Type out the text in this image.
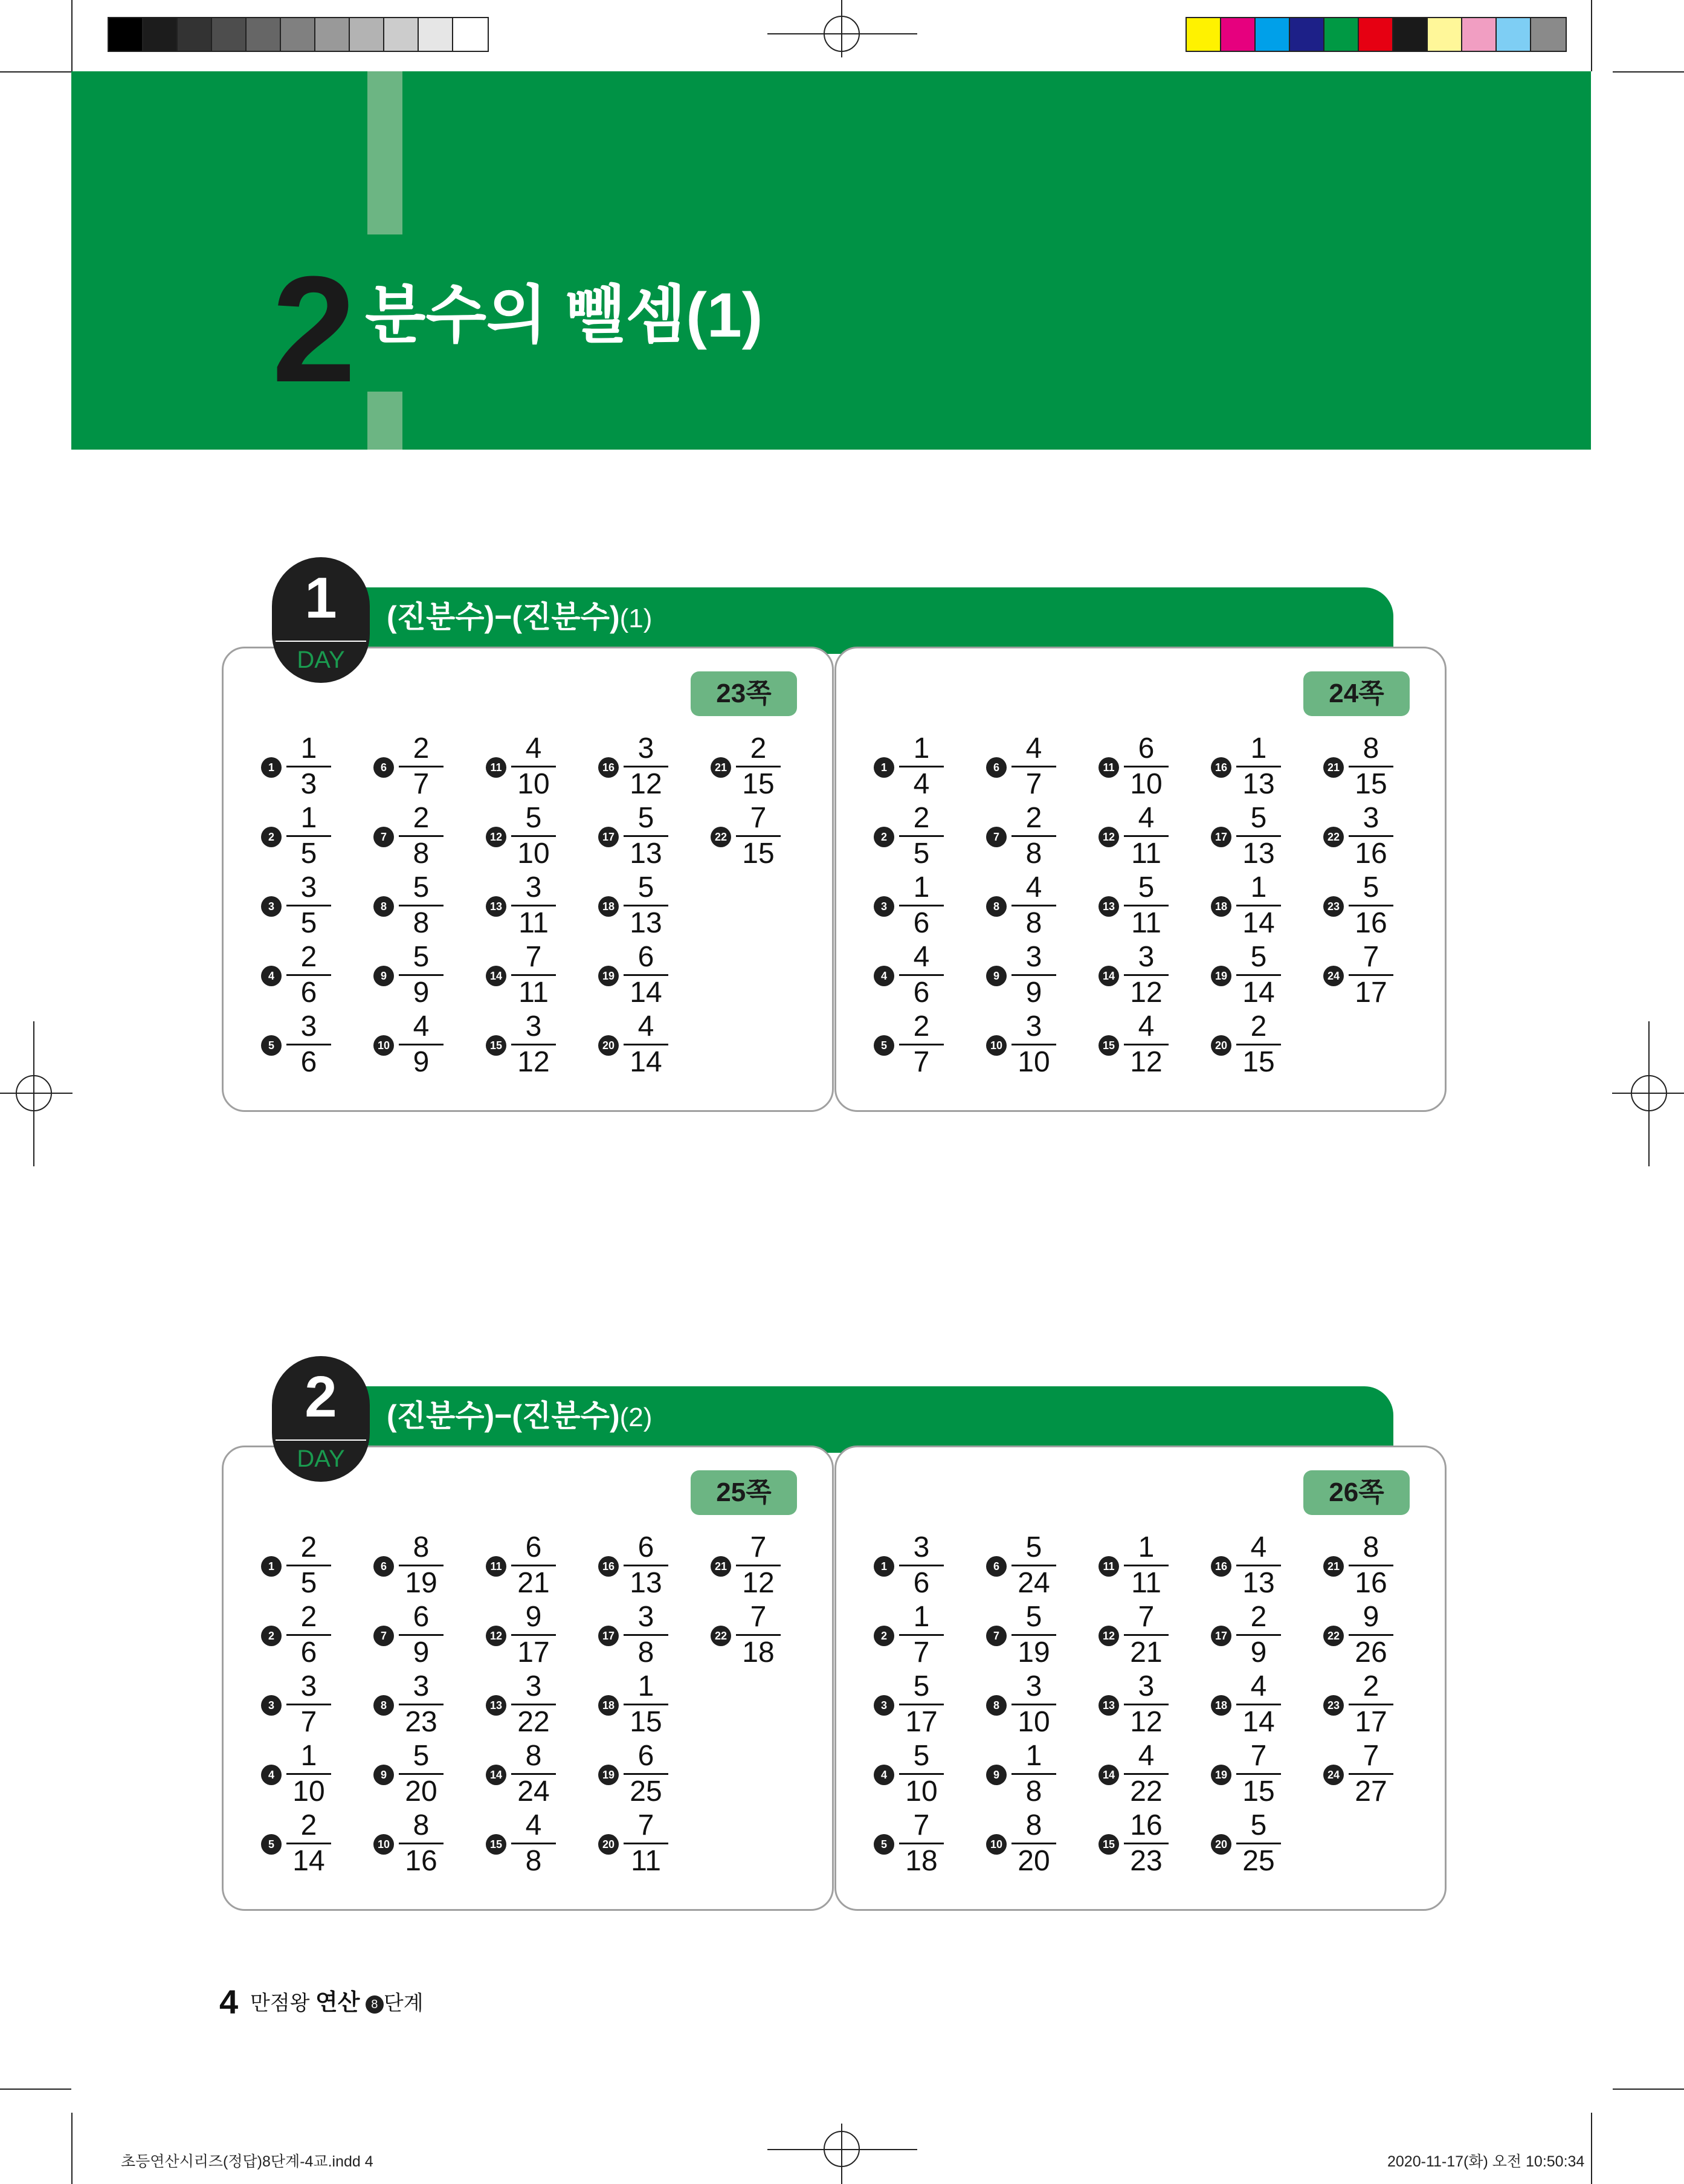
2 분수의 뺄셈(1)
(진분수)−(진분수)(1)
23쪽
1
1
3
2
1
5
3
3
5
4
2
6
5
3
6
6
2
7
7
2
8
8
5
8
9
5
9
10
4
9
11
4
10
12
5
10
13
3
11
14
7
11
15
3
12
16
3
12
17
5
13
18
5
13
19
6
14
20
4
14
21
2
15
22
7
15
24쪽
1
1
4
2
2
5
3
1
6
4
4
6
5
2
7
6
4
7
7
2
8
8
4
8
9
3
9
10
3
10
11
6
10
12
4
11
13
5
11
14
3
12
15
4
12
16
1
13
17
5
13
18
1
14
19
5
14
20
2
15
21
8
15
22
3
16
23
5
16
24
7
17
1
DAY
(진분수)−(진분수)(2)
25쪽
1
2
5
2
2
6
3
3
7
4
1
10
5
2
14
6
8
19
7
6
9
8
3
23
9
5
20
10
8
16
11
6
21
12
9
17
13
3
22
14
8
24
15
4
8
16
6
13
17
3
8
18
1
15
19
6
25
20
7
11
21
7
12
22
7
18
26쪽
1
3
6
2
1
7
3
5
17
4
5
10
5
7
18
6
5
24
7
5
19
8
3
10
9
1
8
10
8
20
11
1
11
12
7
21
13
3
12
14
4
22
15
16
23
16
4
13
17
2
9
18
4
14
19
7
15
20
5
25
21
8
16
22
9
26
23
2
17
24
7
27
2
DAY
4 만점왕 연산 8 단계
초등연산시리즈(정답)8단계-4교.indd 4	2020-11-17(화) 오전 10:50:34
